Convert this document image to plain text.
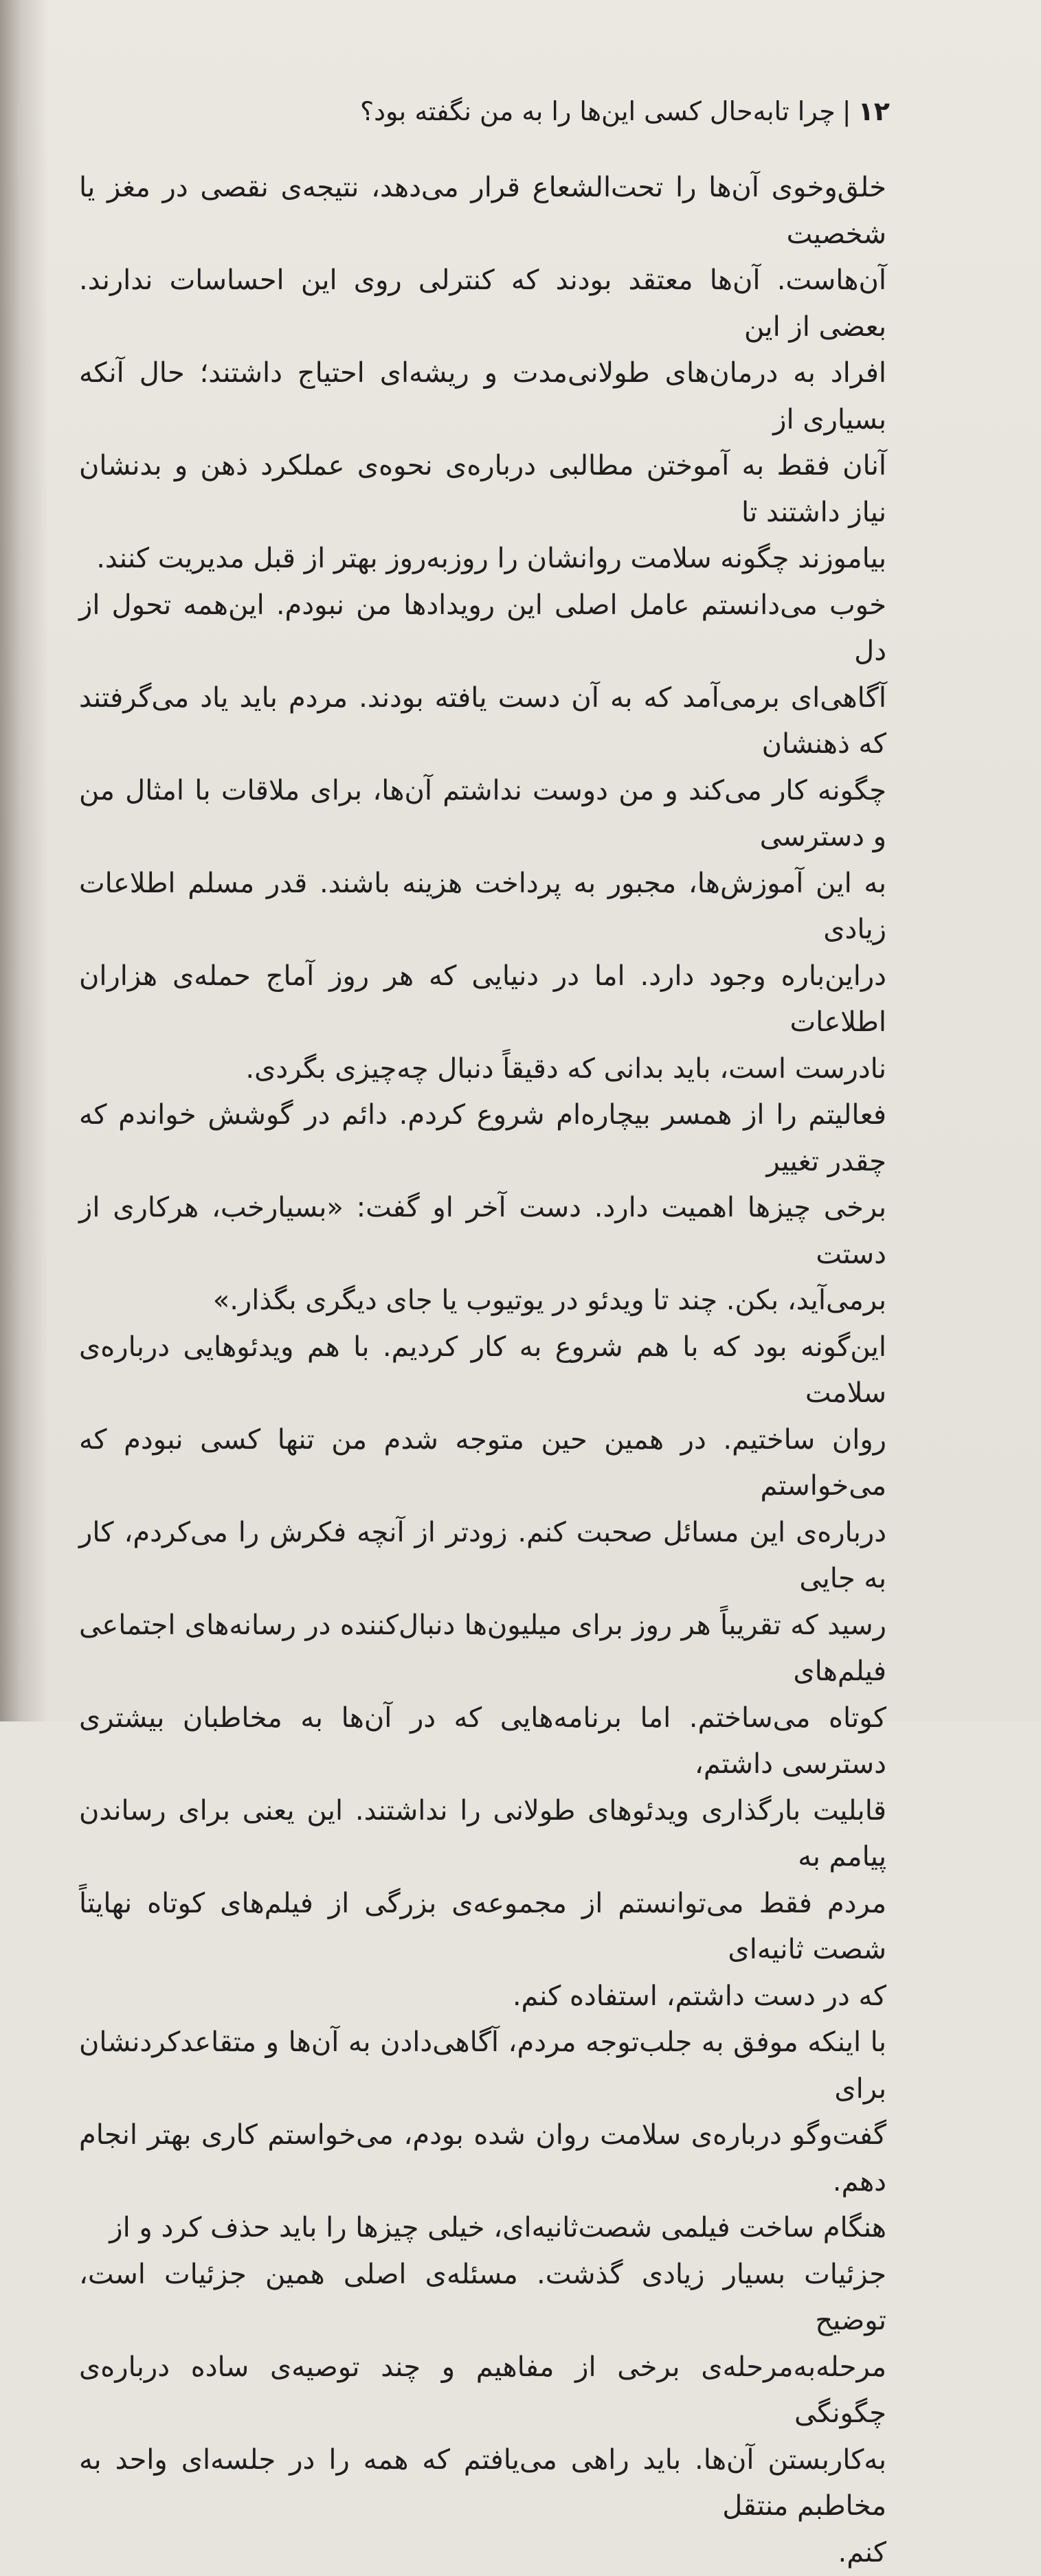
۱۲|چرا تابه‌حال کسی این‌ها را به من نگفته بود؟

خلق‌وخوی آن‌ها را تحت‌الشعاع قرار می‌دهد، نتیجه‌ی نقصی در مغز یا شخصیت
آن‌هاست. آن‌ها معتقد بودند که کنترلی روی این احساسات ندارند. بعضی از این
افراد به درمان‌های طولانی‌مدت و ریشه‌ای احتیاج داشتند؛ حال آنکه بسیاری از
آنان فقط به آموختن مطالبی درباره‌ی نحوه‌ی عملکرد ذهن و بدنشان نیاز داشتند تا
بیاموزند چگونه سلامت روانشان را روزبه‌روز بهتر از قبل مدیریت کنند.

خوب می‌دانستم عامل اصلی این رویدادها من نبودم. این‌همه تحول از دل
آگاهی‌ای برمی‌آمد که به آن دست یافته بودند. مردم باید یاد می‌گرفتند که ذهنشان
چگونه کار می‌کند و من دوست نداشتم آن‌ها، برای ملاقات با امثال من و دسترسی
به این آموزش‌ها، مجبور به پرداخت هزینه باشند. قدر مسلم اطلاعات زیادی
دراین‌باره وجود دارد. اما در دنیایی که هر روز آماج حمله‌ی هزاران اطلاعات
نادرست است، باید بدانی که دقیقاً دنبال چه‌چیزی بگردی.

فعالیتم را از همسر بیچاره‌ام شروع کردم. دائم در گوشش خواندم که چقدر تغییر
برخی چیزها اهمیت دارد. دست آخر او گفت: «بسیارخب، هرکاری از دستت
برمی‌آید، بکن. چند تا ویدئو در یوتیوب یا جای دیگری بگذار.»

این‌گونه بود که با هم شروع به کار کردیم. با هم ویدئوهایی درباره‌ی سلامت
روان ساختیم. در همین حین متوجه شدم من تنها کسی نبودم که می‌خواستم
درباره‌ی این مسائل صحبت کنم. زودتر از آنچه فکرش را می‌کردم، کار به جایی
رسید که تقریباً هر روز برای میلیون‌ها دنبال‌کننده در رسانه‌های اجتماعی فیلم‌های
کوتاه می‌ساختم. اما برنامه‌هایی که در آن‌ها به مخاطبان بیشتری دسترسی داشتم،
قابلیت بارگذاری ویدئوهای طولانی را نداشتند. این یعنی برای رساندن پیامم به
مردم فقط می‌توانستم از مجموعه‌ی بزرگی از فیلم‌های کوتاه نهایتاً شصت ثانیه‌ای
که در دست داشتم، استفاده کنم.

با اینکه موفق به جلب‌توجه مردم، آگاهی‌دادن به آن‌ها و متقاعدکردنشان برای
گفت‌وگو درباره‌ی سلامت روان شده بودم، می‌خواستم کاری بهتر انجام دهم.

هنگام ساخت فیلمی شصت‌ثانیه‌ای، خیلی چیزها را باید حذف کرد و از
جزئیات بسیار زیادی گذشت. مسئله‌ی اصلی همین جزئیات است، توضیح
مرحله‌به‌مرحله‌ی برخی از مفاهیم و چند توصیه‌ی ساده درباره‌ی چگونگی
به‌کاربستن آن‌ها. باید راهی می‌یافتم که همه را در جلسه‌ای واحد به مخاطبم منتقل
کنم.
